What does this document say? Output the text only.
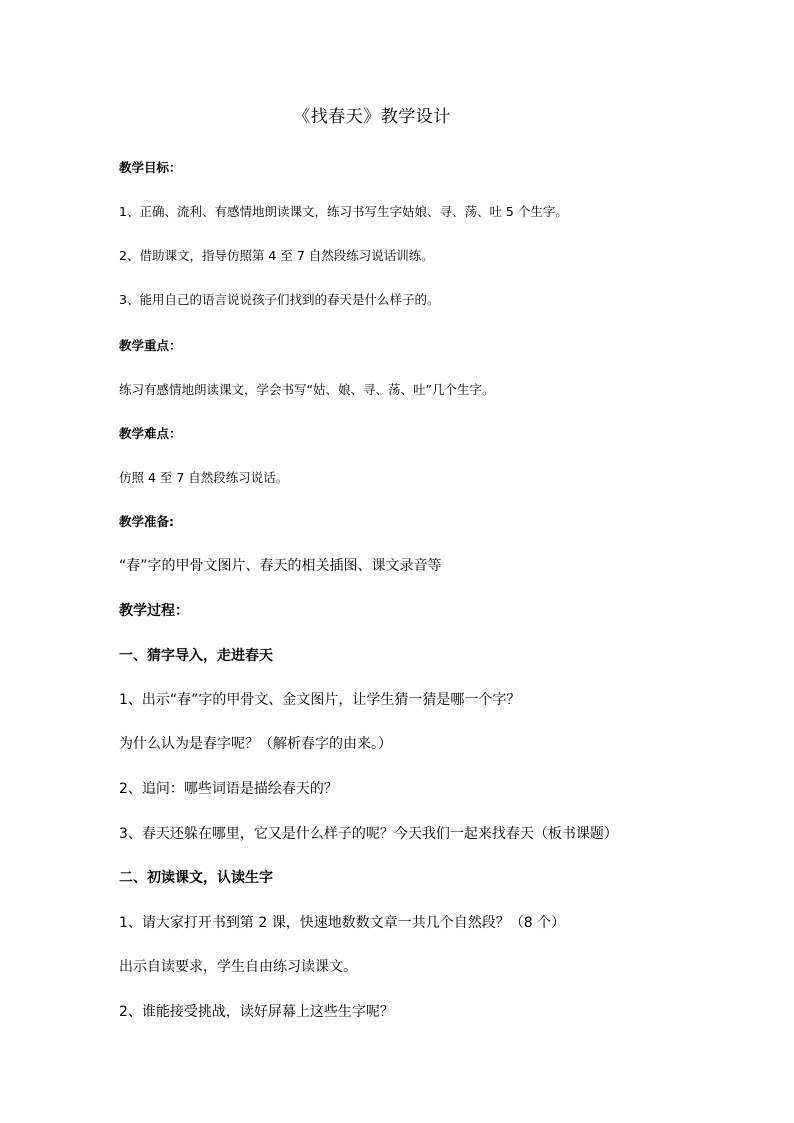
《找春天》教学设计
教学目标：
1、正确、流利、有感情地朗读课文，练习书写生字姑娘、寻、荡、吐 5 个生字。
2、借助课文，指导仿照第 4 至 7 自然段练习说话训练。
3、能用自己的语言说说孩子们找到的春天是什么样子的。
教学重点：
练习有感情地朗读课文，学会书写“姑、娘、寻、荡、吐”几个生字。
教学难点：
仿照 4 至 7 自然段练习说话。
教学准备:
“春”字的甲骨文图片、春天的相关插图、课文录音等
教学过程：
一、猜字导入，走进春天
1、出示“春”字的甲骨文、金文图片，让学生猜一猜是哪一个字？
为什么认为是春字呢？（解析春字的由来。）
2、追问：哪些词语是描绘春天的？
3、春天还躲在哪里，它又是什么样子的呢？今天我们一起来找春天（板书课题）
二、初读课文，认读生字
1、请大家打开书到第 2 课，快速地数数文章一共几个自然段？（8 个）
出示自读要求，学生自由练习读课文。
2、谁能接受挑战，读好屏幕上这些生字呢？
